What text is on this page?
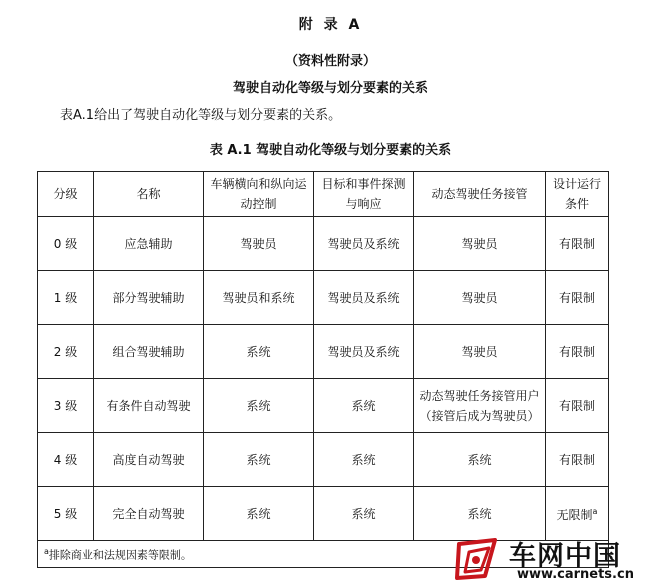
附 录 A
（资料性附录）
驾驶自动化等级与划分要素的关系
表A.1给出了驾驶自动化等级与划分要素的关系。
表 A.1 驾驶自动化等级与划分要素的关系
分级	名称	车辆横向和纵向运动控制	目标和事件探测与响应	动态驾驶任务接管	设计运行条件
0 级	应急辅助	驾驶员	驾驶员及系统	驾驶员	有限制
1 级	部分驾驶辅助	驾驶员和系统	驾驶员及系统	驾驶员	有限制
2 级	组合驾驶辅助	系统	驾驶员及系统	驾驶员	有限制
3 级	有条件自动驾驶	系统	系统	动态驾驶任务接管用户（接管后成为驾驶员）	有限制
4 级	高度自动驾驶	系统	系统	系统	有限制
5 级	完全自动驾驶	系统	系统	系统	无限制$^a$
$^a$排除商业和法规因素等限制。						车网中国
www.carnets.cn
